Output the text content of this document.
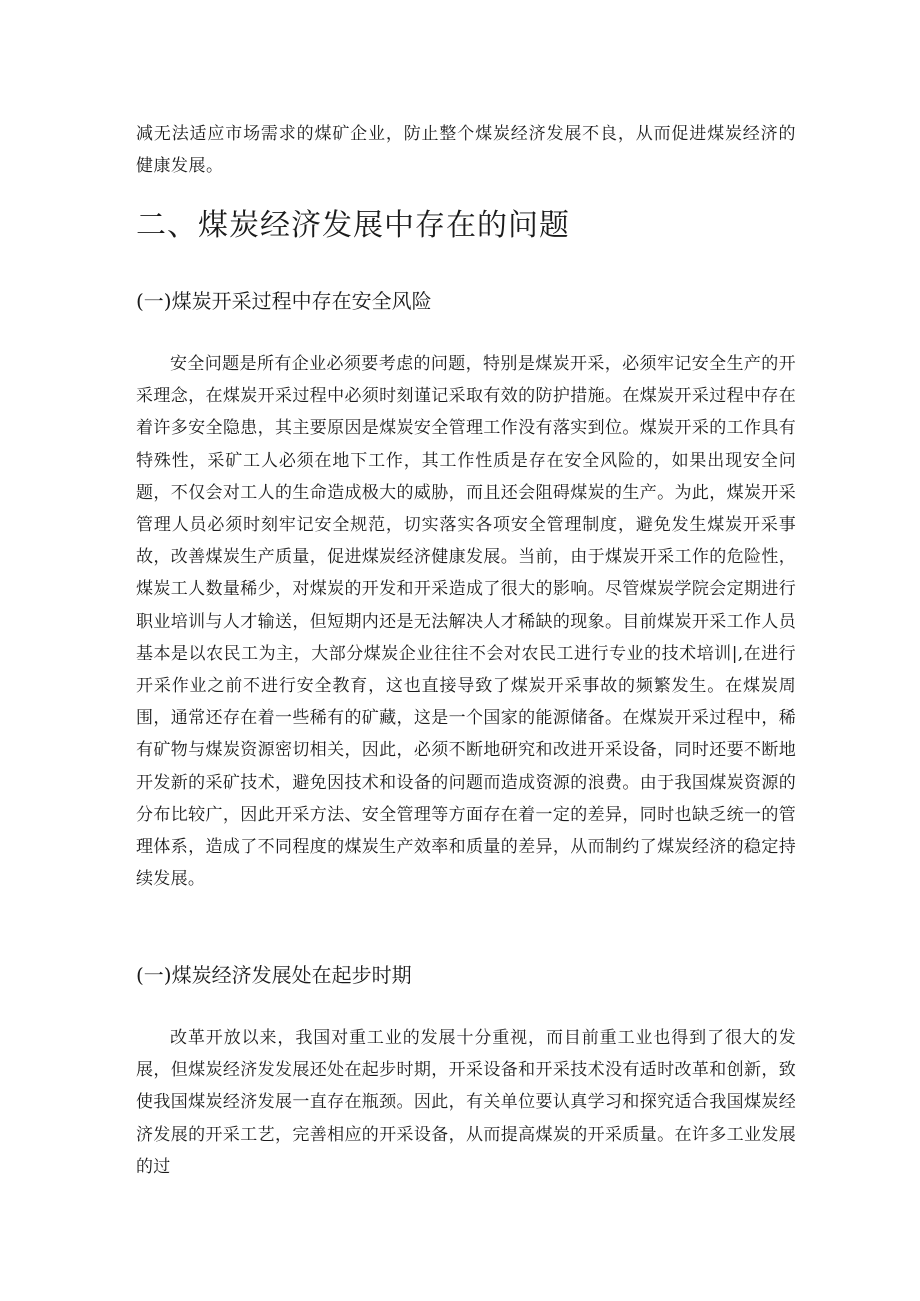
减无法适应市场需求的煤矿企业，防止整个煤炭经济发展不良，从而促进煤炭经济的健康发展。

二、煤炭经济发展中存在的问题
(一)煤炭开采过程中存在安全风险

安全问题是所有企业必须要考虑的问题，特别是煤炭开采，必须牢记安全生产的开采理念，在煤炭开采过程中必须时刻谨记采取有效的防护措施。在煤炭开采过程中存在着许多安全隐患，其主要原因是煤炭安全管理工作没有落实到位。煤炭开采的工作具有特殊性，采矿工人必须在地下工作，其工作性质是存在安全风险的，如果出现安全问题，不仅会对工人的生命造成极大的威胁，而且还会阻碍煤炭的生产。为此，煤炭开采管理人员必须时刻牢记安全规范，切实落实各项安全管理制度，避免发生煤炭开采事故，改善煤炭生产质量，促进煤炭经济健康发展。当前，由于煤炭开采工作的危险性，煤炭工人数量稀少，对煤炭的开发和开采造成了很大的影响。尽管煤炭学院会定期进行职业培训与人才输送，但短期内还是无法解决人才稀缺的现象。目前煤炭开采工作人员基本是以农民工为主，大部分煤炭企业往往不会对农民工进行专业的技术培训|,在进行开采作业之前不进行安全教育，这也直接导致了煤炭开采事故的频繁发生。在煤炭周围，通常还存在着一些稀有的矿藏，这是一个国家的能源储备。在煤炭开采过程中，稀有矿物与煤炭资源密切相关，因此，必须不断地研究和改进开采设备，同时还要不断地开发新的采矿技术，避免因技术和设备的问题而造成资源的浪费。由于我国煤炭资源的分布比较广，因此开采方法、安全管理等方面存在着一定的差异，同时也缺乏统一的管理体系，造成了不同程度的煤炭生产效率和质量的差异，从而制约了煤炭经济的稳定持续发展。

(一)煤炭经济发展处在起步时期

改革开放以来，我国对重工业的发展十分重视，而目前重工业也得到了很大的发展，但煤炭经济发发展还处在起步时期，开采设备和开采技术没有适时改革和创新，致使我国煤炭经济发展一直存在瓶颈。因此，有关单位要认真学习和探究适合我国煤炭经济发展的开采工艺，完善相应的开采设备，从而提高煤炭的开采质量。在许多工业发展的过
